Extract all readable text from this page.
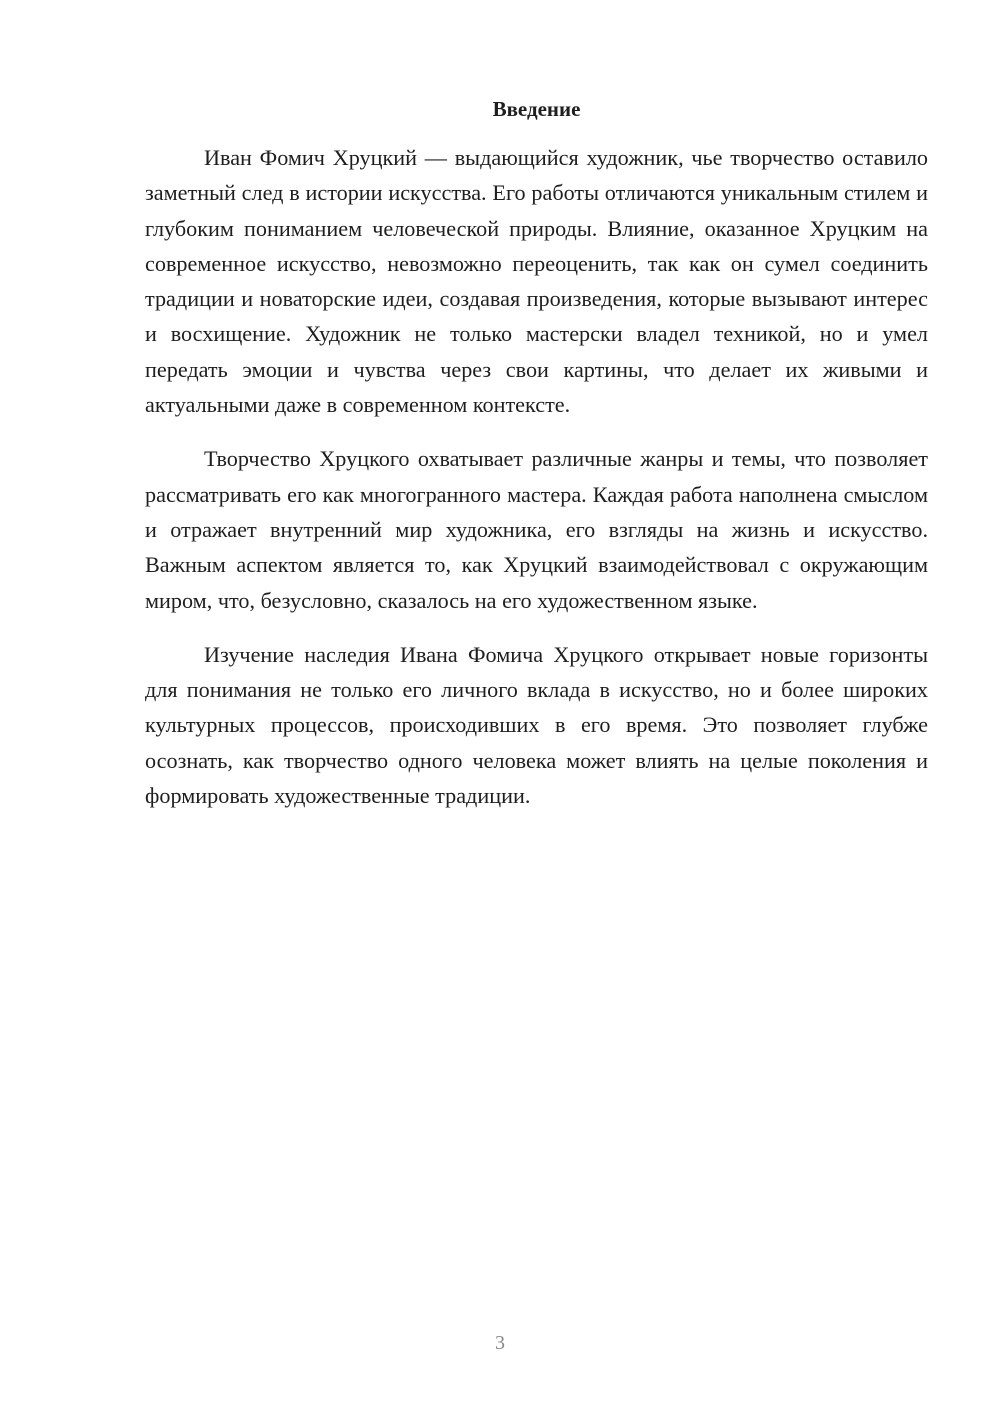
Введение

Иван Фомич Хруцкий — выдающийся художник, чье творчество оставило заметный след в истории искусства. Его работы отличаются уникальным стилем и глубоким пониманием человеческой природы. Влияние, оказанное Хруцким на современное искусство, невозможно переоценить, так как он сумел соединить традиции и новаторские идеи, создавая произведения, которые вызывают интерес и восхищение. Художник не только мастерски владел техникой, но и умел передать эмоции и чувства через свои картины, что делает их живыми и актуальными даже в современном контексте.

Творчество Хруцкого охватывает различные жанры и темы, что позволяет рассматривать его как многогранного мастера. Каждая работа наполнена смыслом и отражает внутренний мир художника, его взгляды на жизнь и искусство. Важным аспектом является то, как Хруцкий взаимодействовал с окружающим миром, что, безусловно, сказалось на его художественном языке.

Изучение наследия Ивана Фомича Хруцкого открывает новые горизонты для понимания не только его личного вклада в искусство, но и более широких культурных процессов, происходивших в его время. Это позволяет глубже осознать, как творчество одного человека может влиять на целые поколения и формировать художественные традиции.

3
